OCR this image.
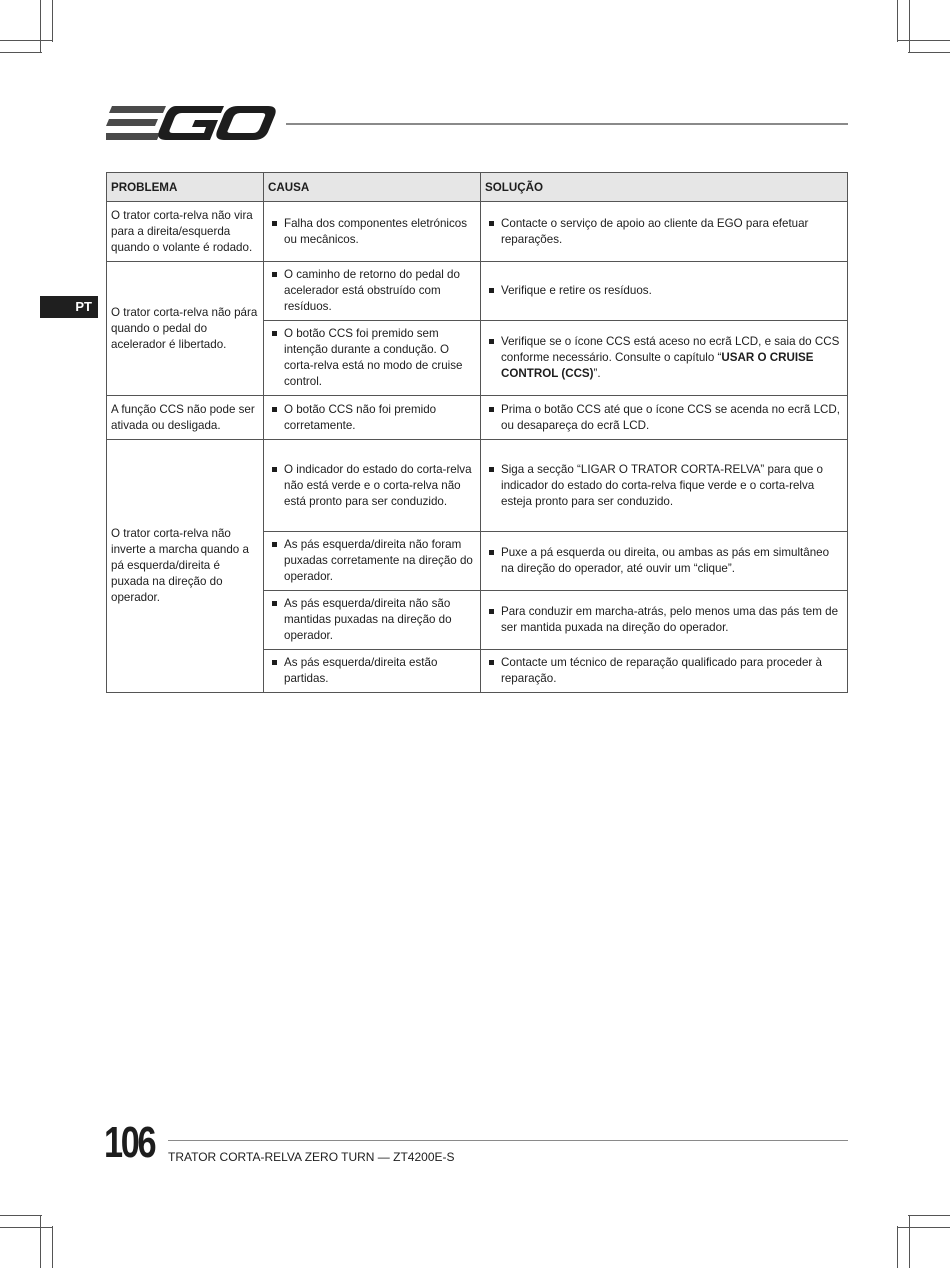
PT
PROBLEMA	CAUSA	SOLUÇÃO
O trator corta-relva não vira para a direita/esquerda quando o volante é rodado.	Falha dos componentes eletrónicos ou mecânicos.	Contacte o serviço de apoio ao cliente da EGO para efetuar reparações.

O trator corta-relva não pára quando o pedal do acelerador é libertado.	O caminho de retorno do pedal do acelerador está obstruído com resíduos.	Verifique e retire os resíduos.

	O botão CCS foi premido sem intenção durante a condução. O corta-relva está no modo de cruise control.	Verifique se o ícone CCS está aceso no ecrã LCD, e saia do CCS conforme necessário. Consulte o capítulo “USAR O CRUISE CONTROL (CCS)”.

A função CCS não pode ser ativada ou desligada.	O botão CCS não foi premido corretamente.	Prima o botão CCS até que o ícone CCS se acenda no ecrã LCD, ou desapareça do ecrã LCD.

O trator corta-relva não inverte a marcha quando a pá esquerda/direita é puxada na direção do operador.	O indicador do estado do corta-relva não está verde e o corta-relva não está pronto para ser conduzido.	Siga a secção “LIGAR O TRATOR CORTA-RELVA” para que o indicador do estado do corta-relva fique verde e o corta-relva esteja pronto para ser conduzido.

	As pás esquerda/direita não foram puxadas corretamente na direção do operador.	Puxe a pá esquerda ou direita, ou ambas as pás em simultâneo na direção do operador, até ouvir um “clique”.

	As pás esquerda/direita não são mantidas puxadas na direção do operador.	Para conduzir em marcha-atrás, pelo menos uma das pás tem de ser mantida puxada na direção do operador.

	As pás esquerda/direita estão partidas.	Contacte um técnico de reparação qualificado para proceder à reparação.
106 TRATOR CORTA-RELVA ZERO TURN — ZT4200E-S
